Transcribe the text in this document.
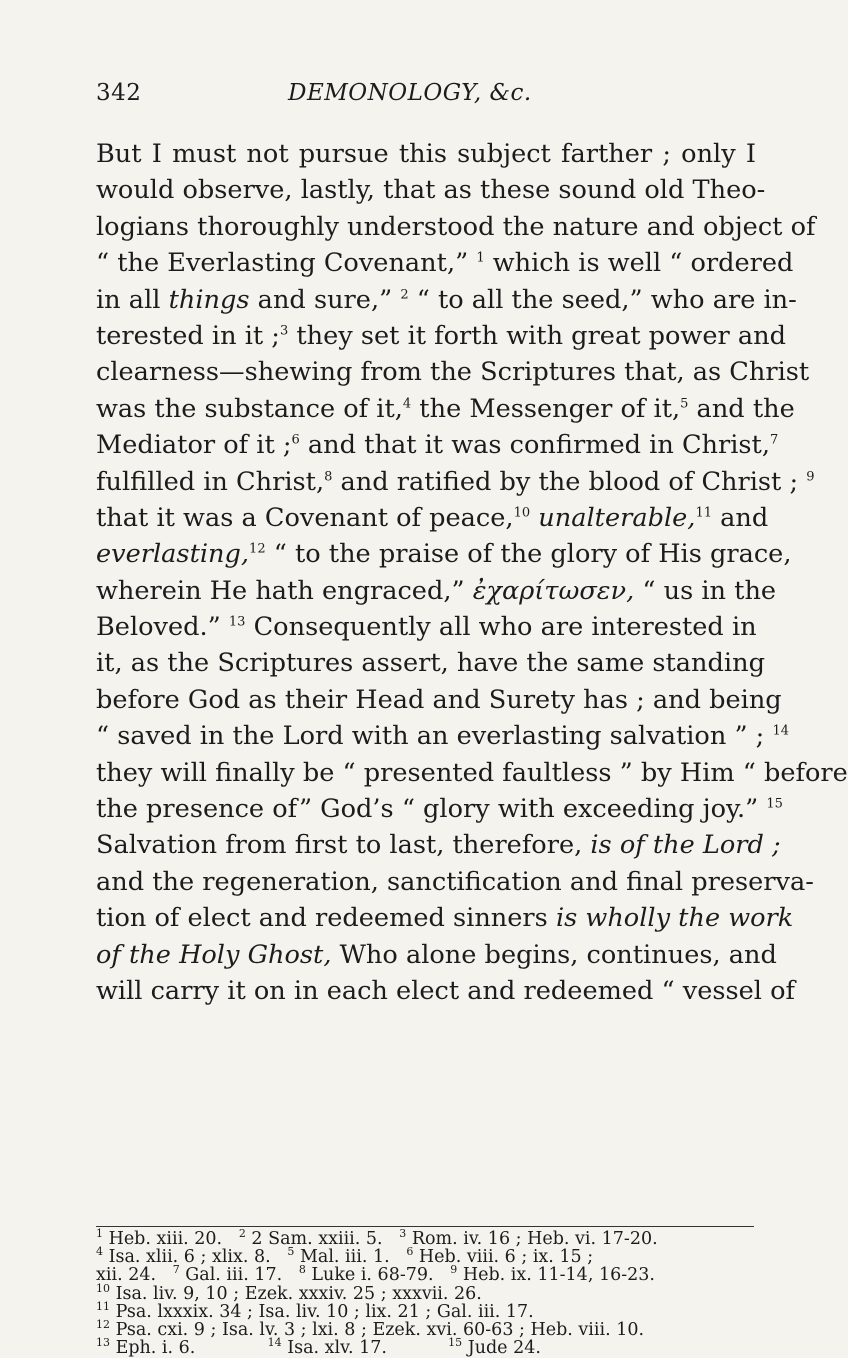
342	DEMONOLOGY, &c.
But I must not pursue this subject farther ; only I
would observe, lastly, that as these sound old Theo-
logians thoroughly understood the nature and object of
“ the Everlasting Covenant,” $^1$ which is well “ ordered
in all things and sure,” $^2$ “ to all the seed,” who are in-
terested in it ;$^3$ they set it forth with great power and
clearness—shewing from the Scriptures that, as Christ
was the substance of it,$^4$ the Messenger of it,$^5$ and the
Mediator of it ;$^6$ and that it was confirmed in Christ,$^7$
fulfilled in Christ,$^8$ and ratified by the blood of Christ ; $^9$
that it was a Covenant of peace,$^{10}$ unalterable,$^{11}$ and
everlasting,$^{12}$ “ to the praise of the glory of His grace,
wherein He hath engraced,” ἐχαρίτωσεν, “ us in the
Beloved.” $^{13}$ Consequently all who are interested in
it, as the Scriptures assert, have the same standing
before God as their Head and Surety has ; and being
“ saved in the Lord with an everlasting salvation ” ; $^{14}$
they will finally be “ presented faultless ” by Him “ before
the presence of” God’s “ glory with exceeding joy.” $^{15}$
Salvation from first to last, therefore, is of the Lord ;
and the regeneration, sanctification and final preserva-
tion of elect and redeemed sinners is wholly the work
of the Holy Ghost, Who alone begins, continues, and
will carry it on in each elect and redeemed “ vessel of
$^1$ Heb. xiii. 20.   $^2$ 2 Sam. xxiii. 5.   $^3$ Rom. iv. 16 ; Heb. vi. 17-20.
$^4$ Isa. xlii. 6 ; xlix. 8.   $^5$ Mal. iii. 1.   $^6$ Heb. viii. 6 ; ix. 15 ;
xii. 24.   $^7$ Gal. iii. 17.   $^8$ Luke i. 68-79.   $^9$ Heb. ix. 11-14, 16-23.
$^{10}$ Isa. liv. 9, 10 ; Ezek. xxxiv. 25 ; xxxvii. 26.
$^{11}$ Psa. lxxxix. 34 ; Isa. liv. 10 ; lix. 21 ; Gal. iii. 17.
$^{12}$ Psa. cxi. 9 ; Isa. lv. 3 ; lxi. 8 ; Ezek. xvi. 60-63 ; Heb. viii. 10.
$^{13}$ Eph. i. 6.             $^{14}$ Isa. xlv. 17.           $^{15}$ Jude 24.
